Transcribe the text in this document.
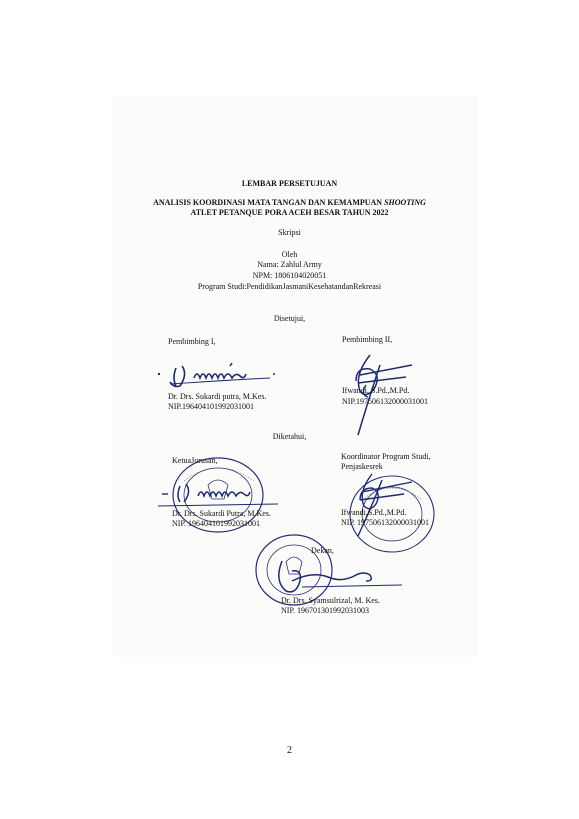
LEMBAR PERSETUJUAN
ANALISIS KOORDINASI MATA TANGAN DAN KEMAMPUAN SHOOTING
ATLET PETANQUE PORA ACEH BESAR TAHUN 2022
Skripsi
Oleh
Nama: Zahlul Army
NPM: 1806104020051
Program Studi:PendidikanJasmaniKesehatandanRekreasi
Disetujui,
Pembimbing I,	Pembimbing II,
Dr. Drs. Sukardi putra, M.Kes.
NIP.196404101992031001
Ifwandi, S.Pd.,M.Pd.
NIP.197506132000031001
Diketahui,
KetuaJurusan,	Koordinator Program Studi,
Penjaskesrek
Dr. Drs. Sukardi Putra, M.Kes.
NIP. 196404101992031001
Ifwandi,S.Pd.,M.Pd.
NIP. 197506132000031001
Dekan,
Dr. Drs. Syamsulrizal, M. Kes.
NIP. 196701301992031003
2
